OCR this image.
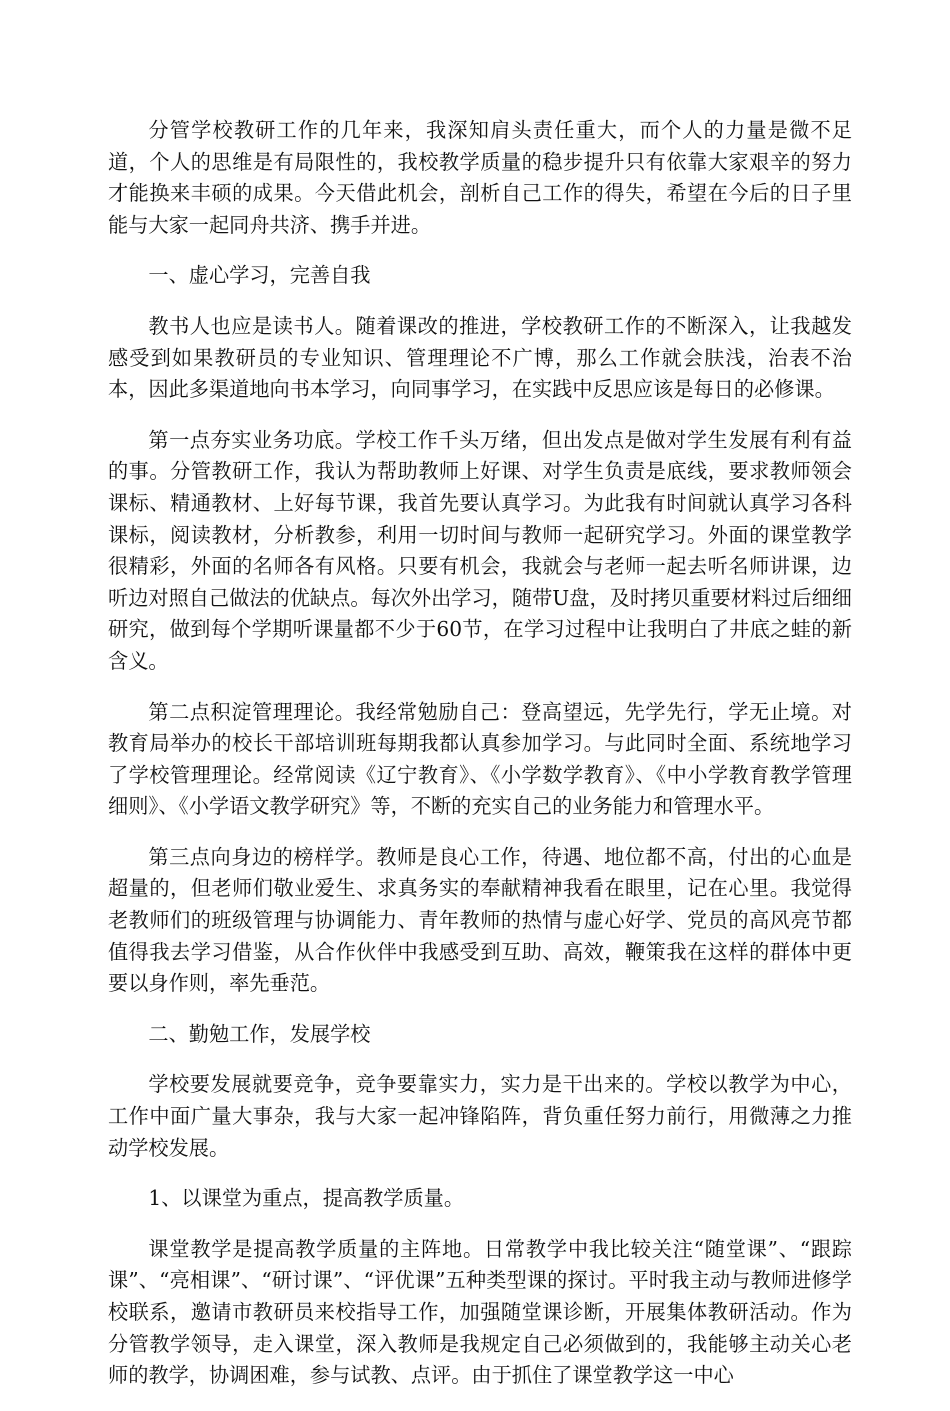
分管学校教研工作的几年来，我深知肩头责任重大，而个人的力量是微不足道，个人的思维是有局限性的，我校教学质量的稳步提升只有依靠大家艰辛的努力才能换来丰硕的成果。今天借此机会，剖析自己工作的得失，希望在今后的日子里能与大家一起同舟共济、携手并进。

一、虚心学习，完善自我

教书人也应是读书人。随着课改的推进，学校教研工作的不断深入，让我越发感受到如果教研员的专业知识、管理理论不广博，那么工作就会肤浅，治表不治本，因此多渠道地向书本学习，向同事学习，在实践中反思应该是每日的必修课。

第一点夯实业务功底。学校工作千头万绪，但出发点是做对学生发展有利有益的事。分管教研工作，我认为帮助教师上好课、对学生负责是底线，要求教师领会课标、精通教材、上好每节课，我首先要认真学习。为此我有时间就认真学习各科课标，阅读教材，分析教参，利用一切时间与教师一起研究学习。外面的课堂教学很精彩，外面的名师各有风格。只要有机会，我就会与老师一起去听名师讲课，边听边对照自己做法的优缺点。每次外出学习，随带U盘，及时拷贝重要材料过后细细研究，做到每个学期听课量都不少于60节，在学习过程中让我明白了井底之蛙的新含义。

第二点积淀管理理论。我经常勉励自己：登高望远，先学先行，学无止境。对教育局举办的校长干部培训班每期我都认真参加学习。与此同时全面、系统地学习了学校管理理论。经常阅读《辽宁教育》、《小学数学教育》、《中小学教育教学管理细则》、《小学语文教学研究》等，不断的充实自己的业务能力和管理水平。

第三点向身边的榜样学。教师是良心工作，待遇、地位都不高，付出的心血是超量的，但老师们敬业爱生、求真务实的奉献精神我看在眼里，记在心里。我觉得老教师们的班级管理与协调能力、青年教师的热情与虚心好学、党员的高风亮节都值得我去学习借鉴，从合作伙伴中我感受到互助、高效，鞭策我在这样的群体中更要以身作则，率先垂范。

二、勤勉工作，发展学校

学校要发展就要竞争，竞争要靠实力，实力是干出来的。学校以教学为中心，工作中面广量大事杂，我与大家一起冲锋陷阵，背负重任努力前行，用微薄之力推动学校发展。

1、以课堂为重点，提高教学质量。

课堂教学是提高教学质量的主阵地。日常教学中我比较关注“随堂课”、“跟踪课”、“亮相课”、“研讨课”、“评优课”五种类型课的探讨。平时我主动与教师进修学校联系，邀请市教研员来校指导工作，加强随堂课诊断，开展集体教研活动。作为分管教学领导，走入课堂，深入教师是我规定自己必须做到的，我能够主动关心老师的教学，协调困难，参与试教、点评。由于抓住了课堂教学这一中心
